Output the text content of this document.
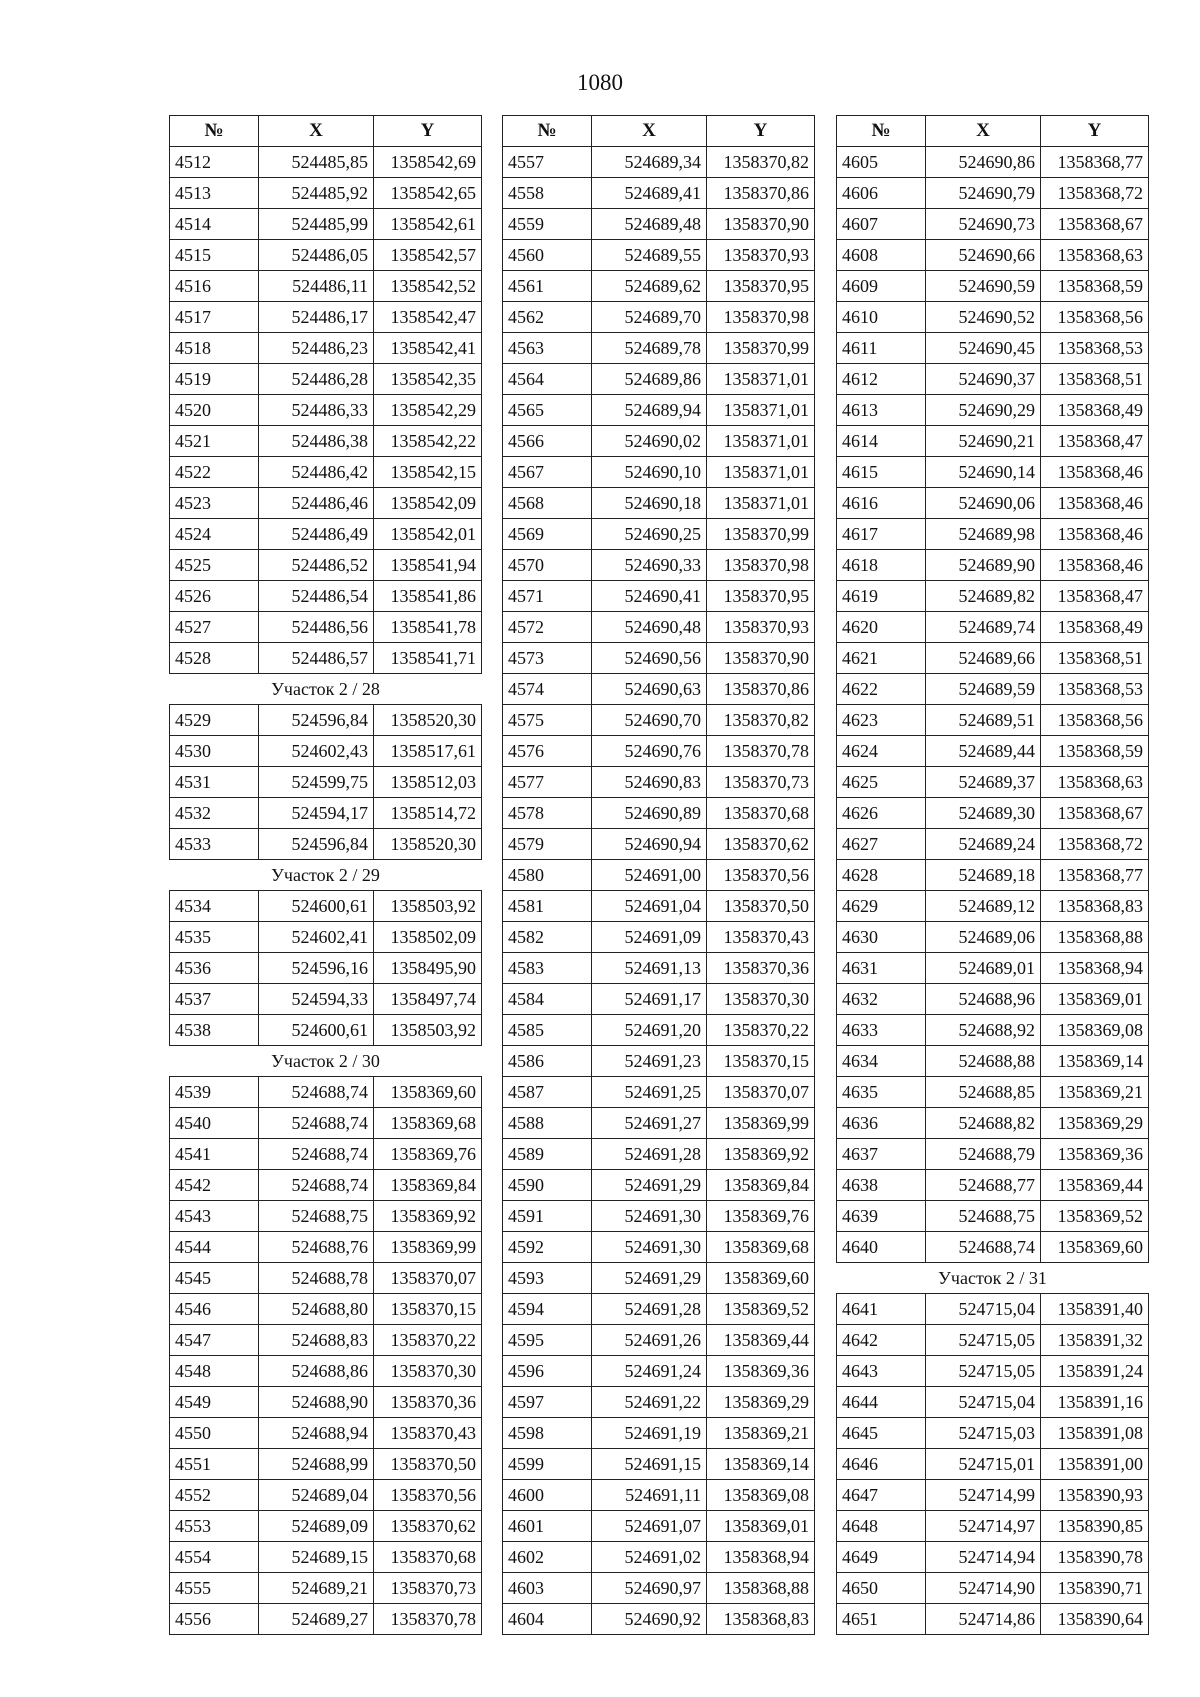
1080
№	X	Y
4512	524485,85	1358542,69
4513	524485,92	1358542,65
4514	524485,99	1358542,61
4515	524486,05	1358542,57
4516	524486,11	1358542,52
4517	524486,17	1358542,47
4518	524486,23	1358542,41
4519	524486,28	1358542,35
4520	524486,33	1358542,29
4521	524486,38	1358542,22
4522	524486,42	1358542,15
4523	524486,46	1358542,09
4524	524486,49	1358542,01
4525	524486,52	1358541,94
4526	524486,54	1358541,86
4527	524486,56	1358541,78
4528	524486,57	1358541,71
Участок 2 / 28		
4529	524596,84	1358520,30
4530	524602,43	1358517,61
4531	524599,75	1358512,03
4532	524594,17	1358514,72
4533	524596,84	1358520,30
Участок 2 / 29		
4534	524600,61	1358503,92
4535	524602,41	1358502,09
4536	524596,16	1358495,90
4537	524594,33	1358497,74
4538	524600,61	1358503,92
Участок 2 / 30		
4539	524688,74	1358369,60
4540	524688,74	1358369,68
4541	524688,74	1358369,76
4542	524688,74	1358369,84
4543	524688,75	1358369,92
4544	524688,76	1358369,99
4545	524688,78	1358370,07
4546	524688,80	1358370,15
4547	524688,83	1358370,22
4548	524688,86	1358370,30
4549	524688,90	1358370,36
4550	524688,94	1358370,43
4551	524688,99	1358370,50
4552	524689,04	1358370,56
4553	524689,09	1358370,62
4554	524689,15	1358370,68
4555	524689,21	1358370,73
4556	524689,27	1358370,78
№	X	Y
4557	524689,34	1358370,82
4558	524689,41	1358370,86
4559	524689,48	1358370,90
4560	524689,55	1358370,93
4561	524689,62	1358370,95
4562	524689,70	1358370,98
4563	524689,78	1358370,99
4564	524689,86	1358371,01
4565	524689,94	1358371,01
4566	524690,02	1358371,01
4567	524690,10	1358371,01
4568	524690,18	1358371,01
4569	524690,25	1358370,99
4570	524690,33	1358370,98
4571	524690,41	1358370,95
4572	524690,48	1358370,93
4573	524690,56	1358370,90
4574	524690,63	1358370,86
4575	524690,70	1358370,82
4576	524690,76	1358370,78
4577	524690,83	1358370,73
4578	524690,89	1358370,68
4579	524690,94	1358370,62
4580	524691,00	1358370,56
4581	524691,04	1358370,50
4582	524691,09	1358370,43
4583	524691,13	1358370,36
4584	524691,17	1358370,30
4585	524691,20	1358370,22
4586	524691,23	1358370,15
4587	524691,25	1358370,07
4588	524691,27	1358369,99
4589	524691,28	1358369,92
4590	524691,29	1358369,84
4591	524691,30	1358369,76
4592	524691,30	1358369,68
4593	524691,29	1358369,60
4594	524691,28	1358369,52
4595	524691,26	1358369,44
4596	524691,24	1358369,36
4597	524691,22	1358369,29
4598	524691,19	1358369,21
4599	524691,15	1358369,14
4600	524691,11	1358369,08
4601	524691,07	1358369,01
4602	524691,02	1358368,94
4603	524690,97	1358368,88
4604	524690,92	1358368,83
№	X	Y
4605	524690,86	1358368,77
4606	524690,79	1358368,72
4607	524690,73	1358368,67
4608	524690,66	1358368,63
4609	524690,59	1358368,59
4610	524690,52	1358368,56
4611	524690,45	1358368,53
4612	524690,37	1358368,51
4613	524690,29	1358368,49
4614	524690,21	1358368,47
4615	524690,14	1358368,46
4616	524690,06	1358368,46
4617	524689,98	1358368,46
4618	524689,90	1358368,46
4619	524689,82	1358368,47
4620	524689,74	1358368,49
4621	524689,66	1358368,51
4622	524689,59	1358368,53
4623	524689,51	1358368,56
4624	524689,44	1358368,59
4625	524689,37	1358368,63
4626	524689,30	1358368,67
4627	524689,24	1358368,72
4628	524689,18	1358368,77
4629	524689,12	1358368,83
4630	524689,06	1358368,88
4631	524689,01	1358368,94
4632	524688,96	1358369,01
4633	524688,92	1358369,08
4634	524688,88	1358369,14
4635	524688,85	1358369,21
4636	524688,82	1358369,29
4637	524688,79	1358369,36
4638	524688,77	1358369,44
4639	524688,75	1358369,52
4640	524688,74	1358369,60
Участок 2 / 31		
4641	524715,04	1358391,40
4642	524715,05	1358391,32
4643	524715,05	1358391,24
4644	524715,04	1358391,16
4645	524715,03	1358391,08
4646	524715,01	1358391,00
4647	524714,99	1358390,93
4648	524714,97	1358390,85
4649	524714,94	1358390,78
4650	524714,90	1358390,71
4651	524714,86	1358390,64
